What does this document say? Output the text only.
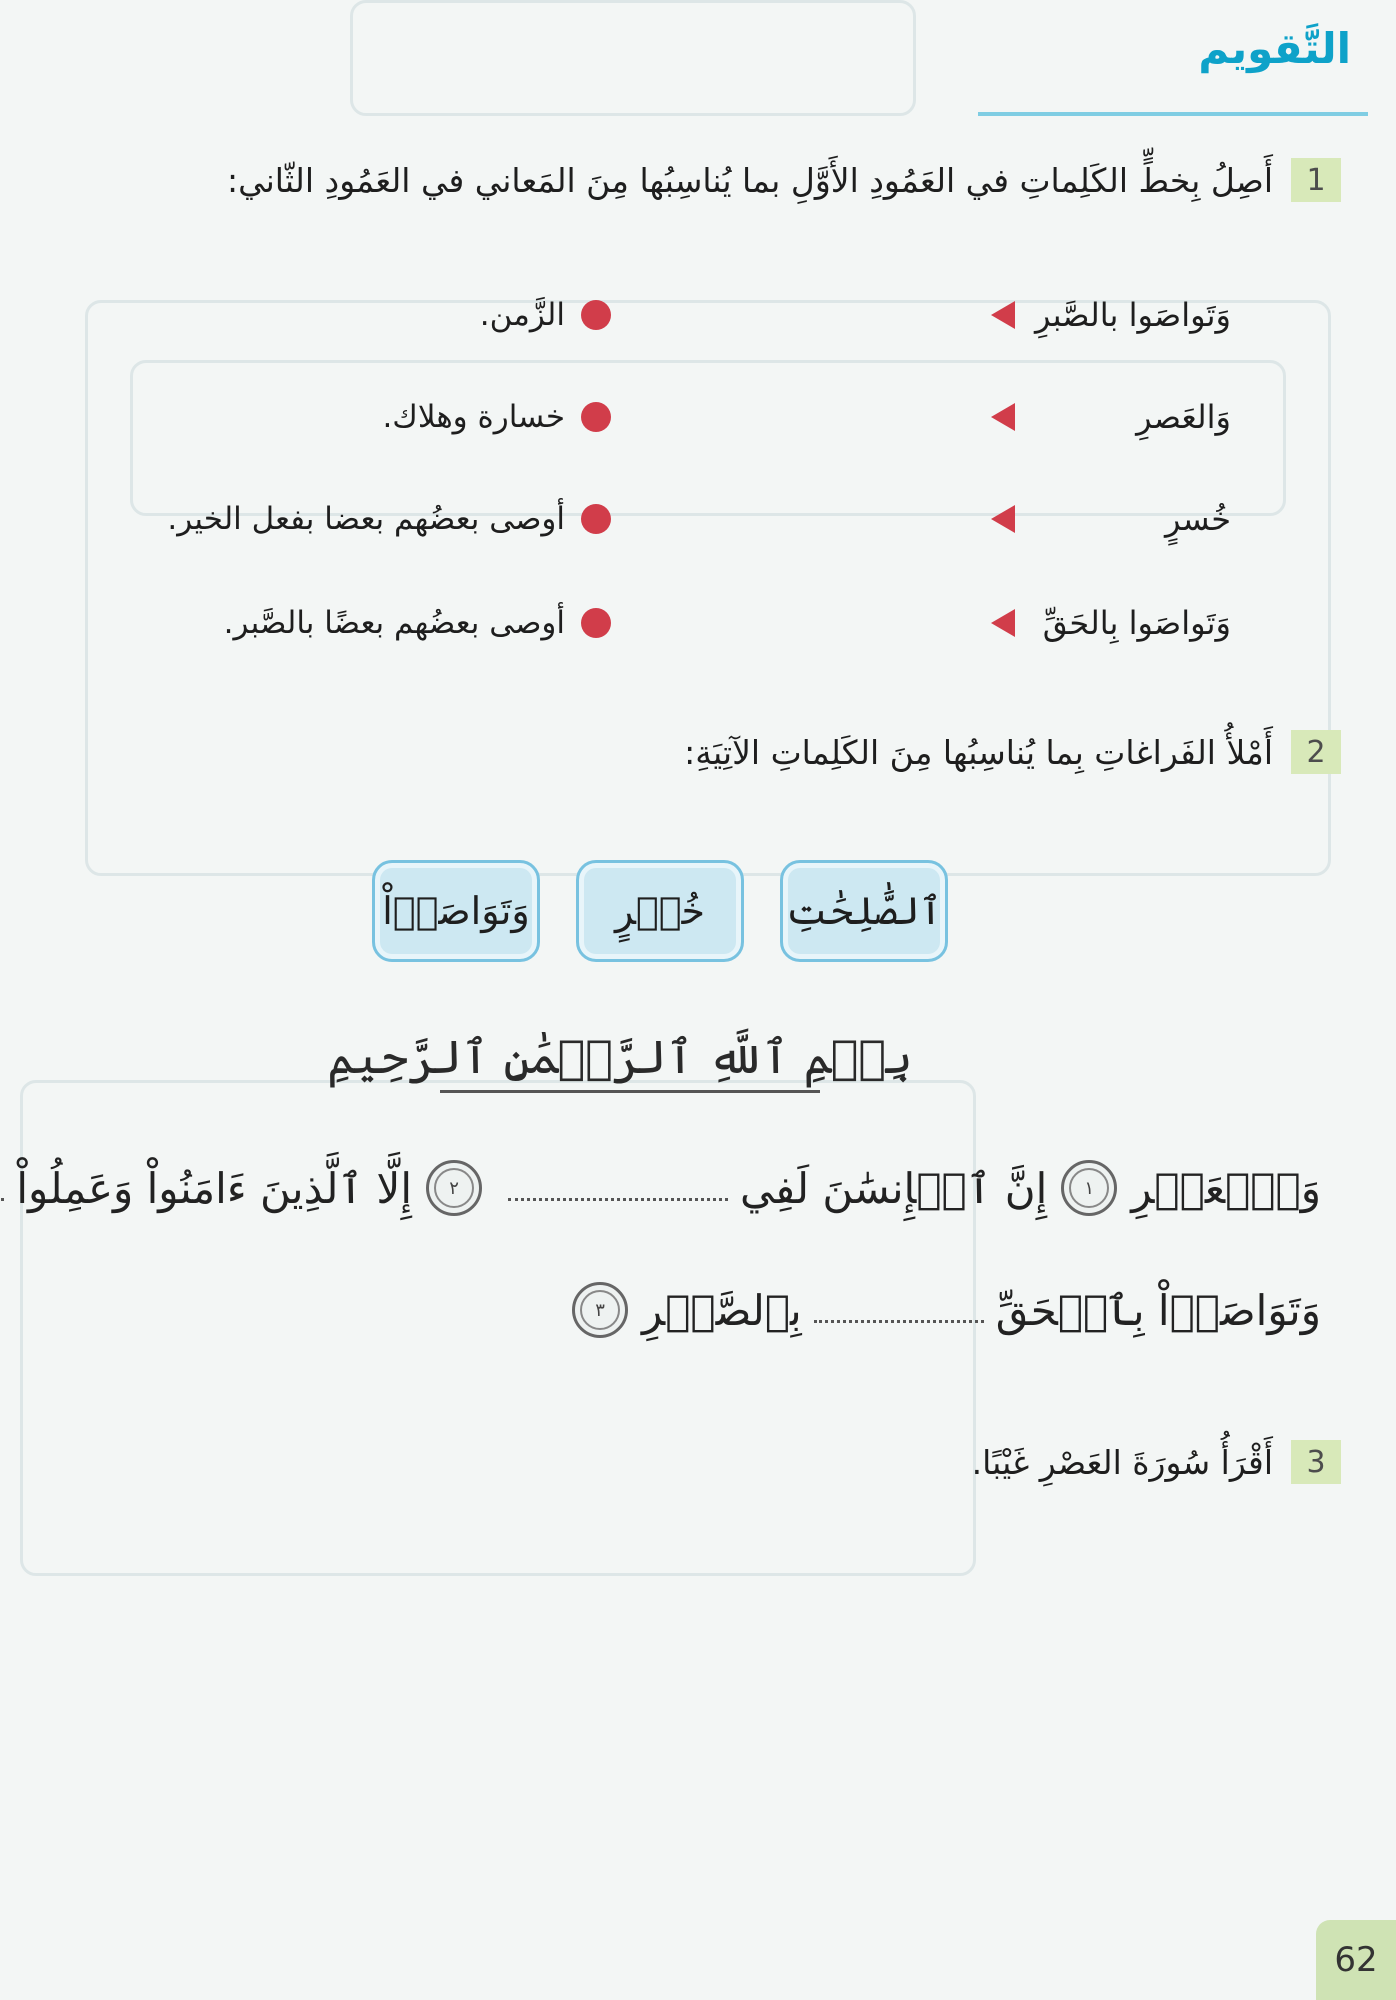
التَّقويم
1
أَصِلُ بِخطٍّ الكَلِماتِ في العَمُودِ الأَوَّلِ بما يُناسِبُها مِنَ المَعاني في العَمُودِ الثّاني:
وَتَواصَوا بالصَّبرِ
الزَّمن.
وَالعَصرِ
خسارة وهلاك.
خُسرٍ
أوصى بعضُهم بعضا بفعل الخير.
وَتَواصَوا بِالحَقِّ
أوصى بعضُهم بعضًا بالصَّبر.
2
أَمْلأُ الفَراغاتِ بِما يُناسِبُها مِنَ الكَلِماتِ الآتِيَةِ:
ٱلصَّٰلِحَٰتِ
خُسۡرٍ
وَتَوَاصَوۡاْ
بِسۡمِ ٱللَّهِ ٱلرَّحۡمَٰنِ ٱلرَّحِيمِ
وَٱلۡعَصۡرِ
١
إِنَّ ٱلۡإِنسَٰنَ لَفِي
٢
إِلَّا ٱلَّذِينَ ءَامَنُواْ وَعَمِلُواْ
وَتَوَاصَوۡاْ بِٱلۡحَقِّ
بِٱلصَّبۡرِ
٣
3
أَقْرَأُ سُورَةَ العَصْرِ غَيْبًا.
62
